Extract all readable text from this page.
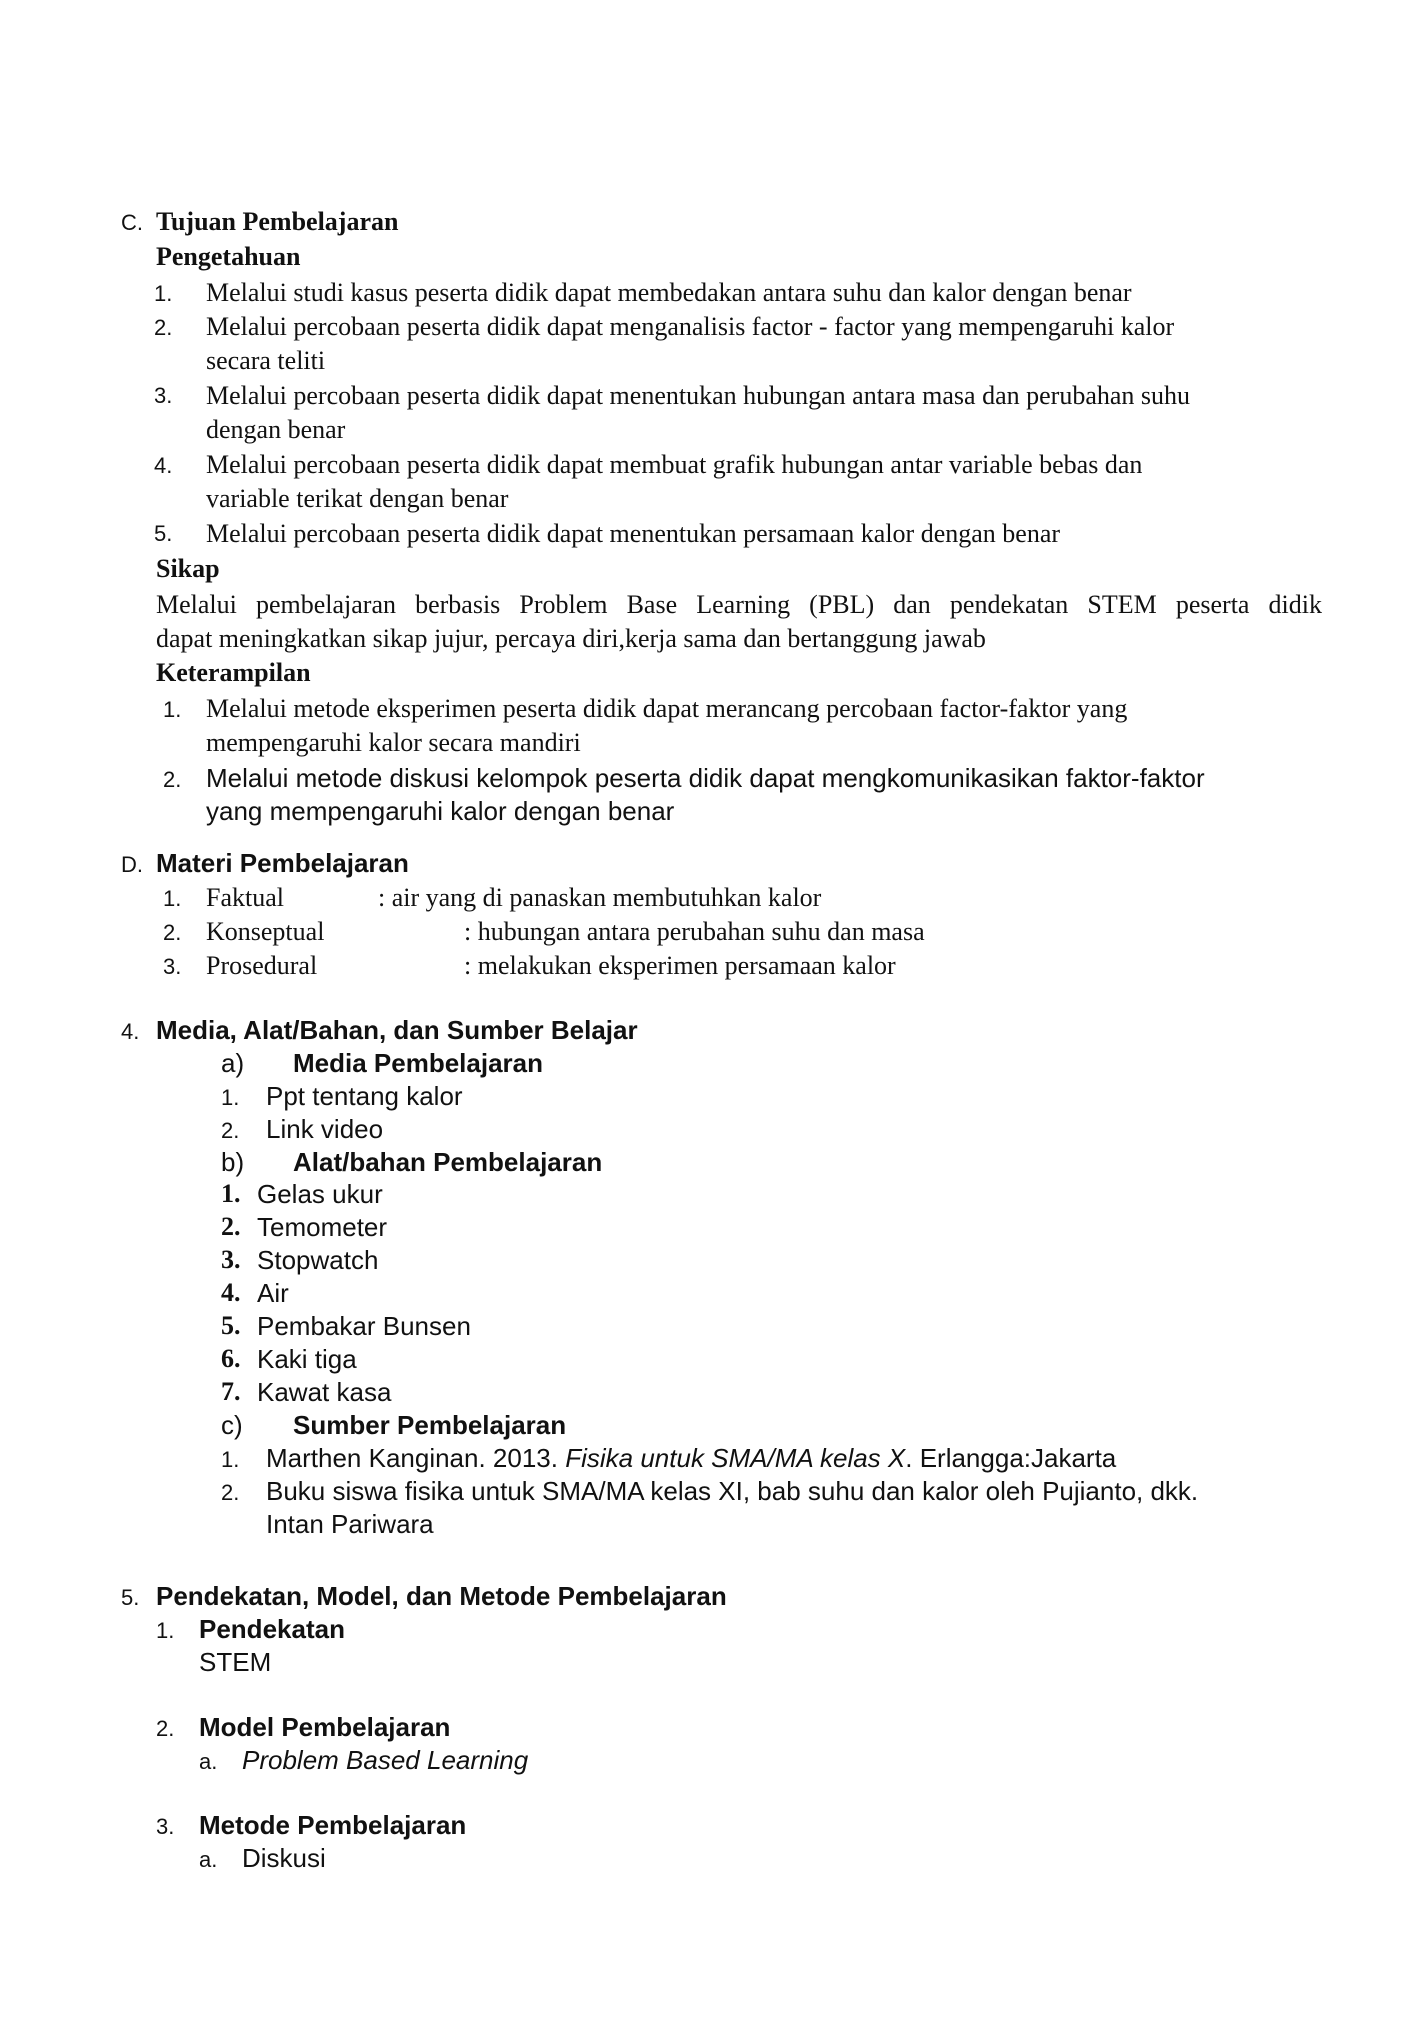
C. Tujuan Pembelajaran
Pengetahuan
1. Melalui studi kasus peserta didik dapat membedakan antara suhu dan kalor dengan benar
2. Melalui percobaan peserta didik dapat menganalisis factor - factor yang mempengaruhi kalor
secara teliti
3. Melalui percobaan peserta didik dapat menentukan hubungan antara masa dan perubahan suhu
dengan benar
4. Melalui percobaan peserta didik dapat membuat grafik hubungan antar variable bebas dan
variable terikat dengan benar
5. Melalui percobaan peserta didik dapat menentukan persamaan kalor dengan benar
Sikap
Melalui pembelajaran berbasis Problem Base Learning (PBL) dan pendekatan STEM peserta didik
dapat meningkatkan sikap jujur, percaya diri,kerja sama dan bertanggung jawab
Keterampilan
1. Melalui metode eksperimen peserta didik dapat merancang percobaan factor-faktor yang
mempengaruhi kalor secara mandiri
2. Melalui metode diskusi kelompok peserta didik dapat mengkomunikasikan faktor-faktor
yang mempengaruhi kalor dengan benar
D. Materi Pembelajaran
1. Faktual	: air yang di panaskan membutuhkan kalor
2. Konseptual	: hubungan antara perubahan suhu dan masa
3. Prosedural	: melakukan eksperimen persamaan kalor
4. Media, Alat/Bahan, dan Sumber Belajar
a) Media Pembelajaran
1. Ppt tentang kalor
2. Link video
b) Alat/bahan Pembelajaran
1. Gelas ukur
2. Temometer
3. Stopwatch
4. Air
5. Pembakar Bunsen
6. Kaki tiga
7. Kawat kasa
c) Sumber Pembelajaran
1. Marthen Kanginan. 2013. Fisika untuk SMA/MA kelas X. Erlangga:Jakarta
2. Buku siswa fisika untuk SMA/MA kelas XI, bab suhu dan kalor oleh Pujianto, dkk.
Intan Pariwara
5. Pendekatan, Model, dan Metode Pembelajaran
1. Pendekatan
STEM
2. Model Pembelajaran
a. Problem Based Learning
3. Metode Pembelajaran
a. Diskusi
